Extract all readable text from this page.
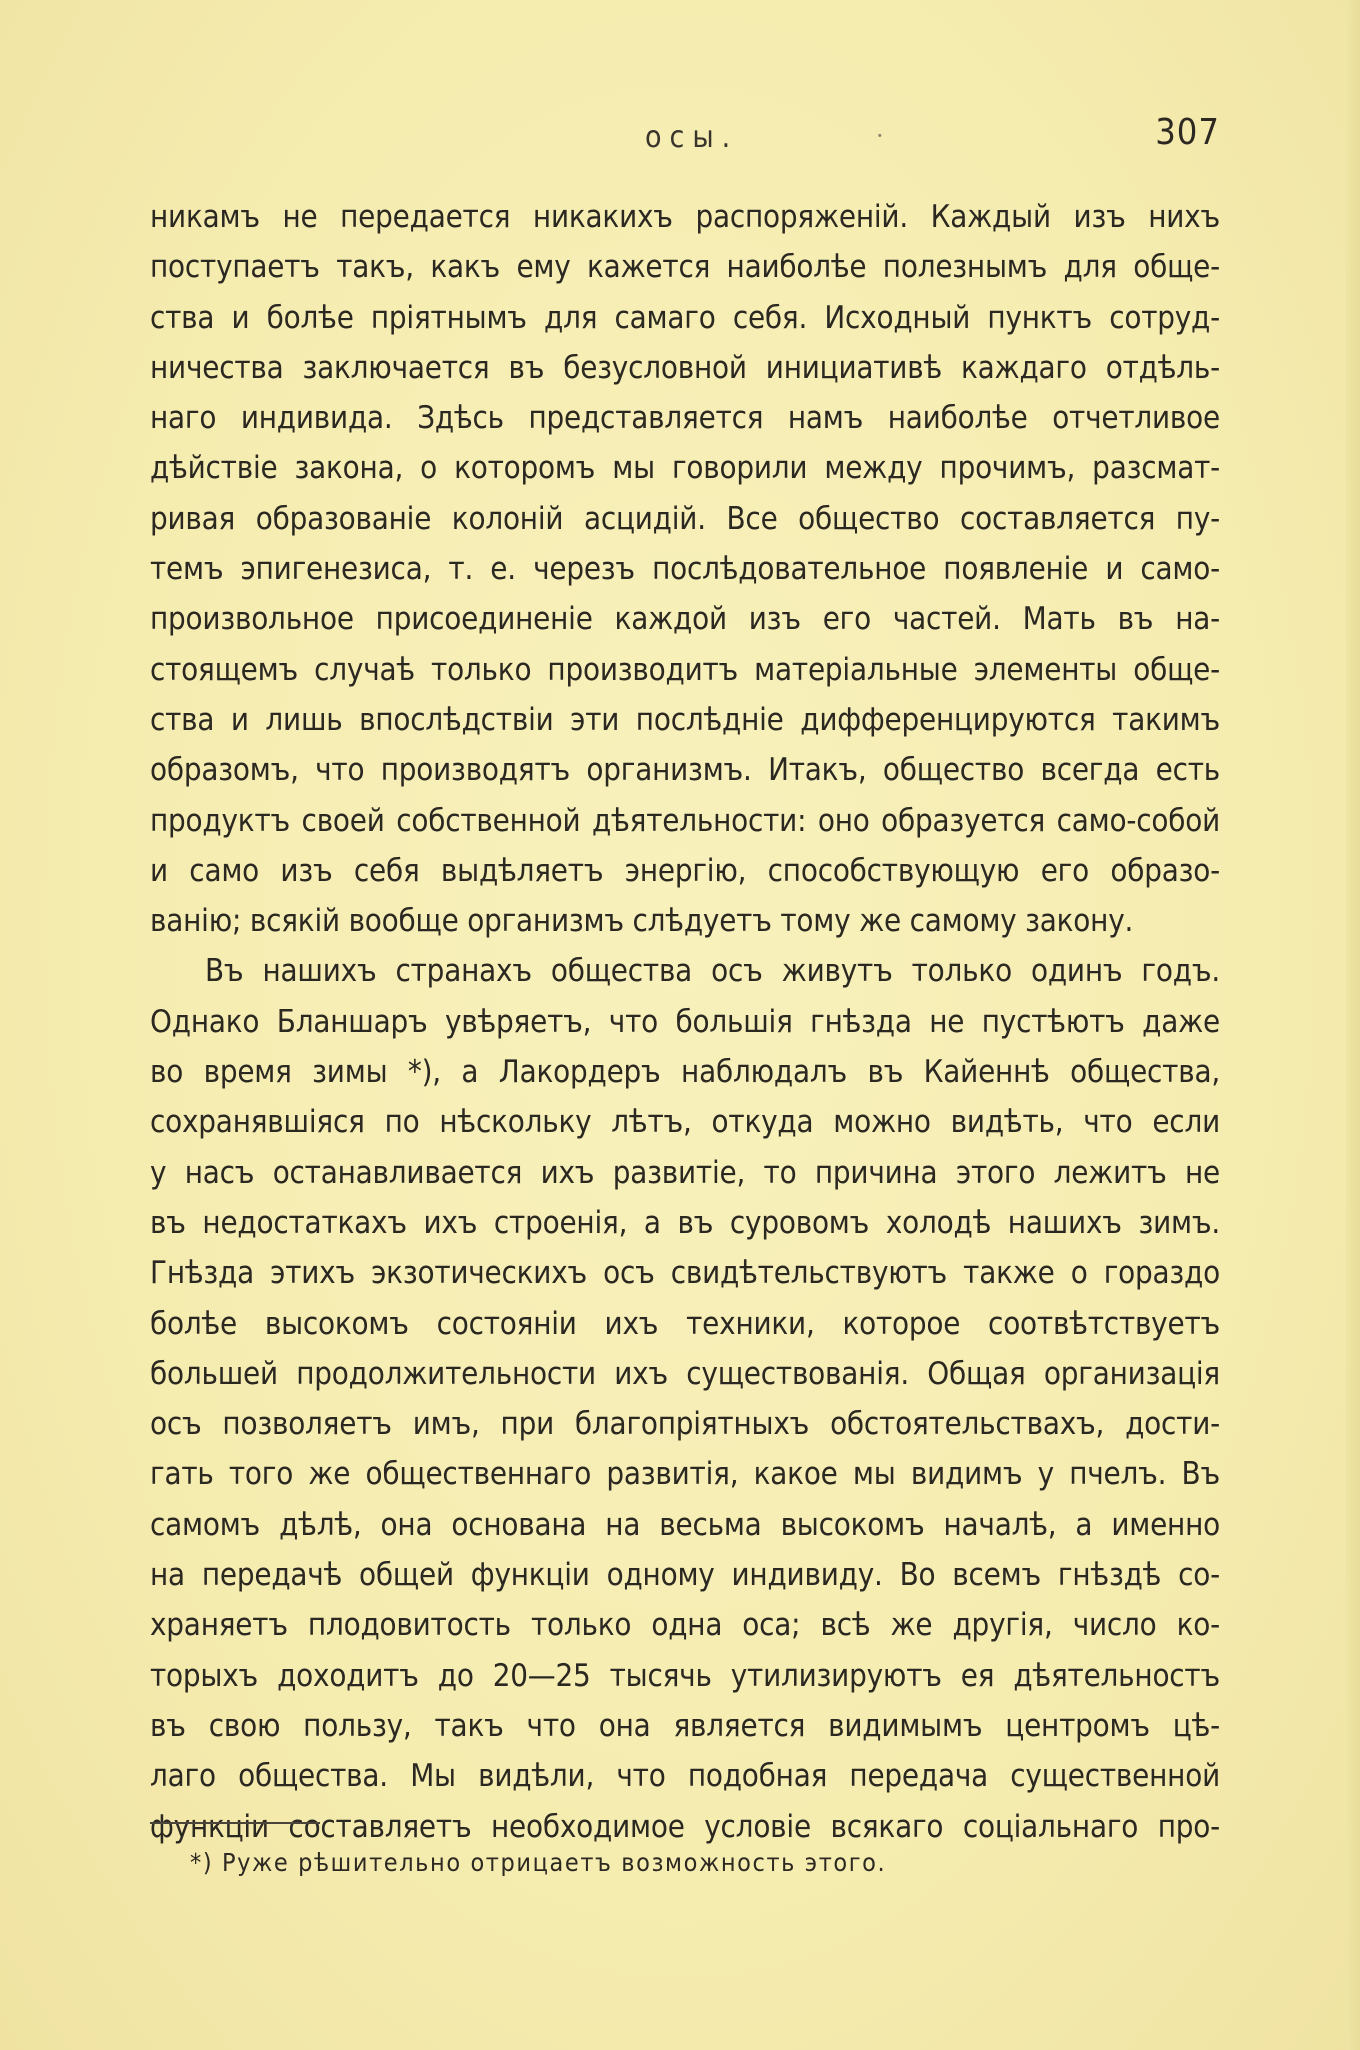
осы.	·	307
никамъ не передается никакихъ распоряженій. Каждый изъ нихъ
поступаетъ такъ, какъ ему кажется наиболѣе полезнымъ для обще-
ства и болѣе пріятнымъ для самаго себя. Исходный пунктъ сотруд-
ничества заключается въ безусловной инициативѣ каждаго отдѣль-
наго индивида. Здѣсь представляется намъ наиболѣе отчетливое
дѣйствіе закона, о которомъ мы говорили между прочимъ, разсмат-
ривая образованіе колоній асцидій. Все общество составляется пу-
темъ эпигенезиса, т. е. черезъ послѣдовательное появленіе и само-
произвольное присоединеніе каждой изъ его частей. Мать въ на-
стоящемъ случаѣ только производитъ матеріальные элементы обще-
ства и лишь впослѣдствіи эти послѣдніе дифференцируются такимъ
образомъ, что производятъ организмъ. Итакъ, общество всегда есть
продуктъ своей собственной дѣятельности: оно образуется само-собой
и само изъ себя выдѣляетъ энергію, способствующую его образо-
ванію; всякій вообще организмъ слѣдуетъ тому же самому закону.
Въ нашихъ странахъ общества осъ живутъ только одинъ годъ.
Однако Бланшаръ увѣряетъ, что большія гнѣзда не пустѣютъ даже
во время зимы *), а Лакордеръ наблюдалъ въ Кайеннѣ общества,
сохранявшіяся по нѣскольку лѣтъ, откуда можно видѣть, что если
у насъ останавливается ихъ развитіе, то причина этого лежитъ не
въ недостаткахъ ихъ строенія, а въ суровомъ холодѣ нашихъ зимъ.
Гнѣзда этихъ экзотическихъ осъ свидѣтельствуютъ также о гораздо
болѣе высокомъ состояніи ихъ техники, которое соотвѣтствуетъ
большей продолжительности ихъ существованія. Общая организація
осъ позволяетъ имъ, при благопріятныхъ обстоятельствахъ, дости-
гать того же общественнаго развитія, какое мы видимъ у пчелъ. Въ
самомъ дѣлѣ, она основана на весьма высокомъ началѣ, а именно
на передачѣ общей функціи одному индивиду. Во всемъ гнѣздѣ со-
храняетъ плодовитость только одна оса; всѣ же другія, число ко-
торыхъ доходитъ до 20—25 тысячь утилизируютъ ея дѣятельностъ
въ свою пользу, такъ что она является видимымъ центромъ цѣ-
лаго общества. Мы видѣли, что подобная передача существенной
функціи составляетъ необходимое условіе всякаго соціальнаго про-
*) Руже рѣшительно отрицаетъ возможность этого.
